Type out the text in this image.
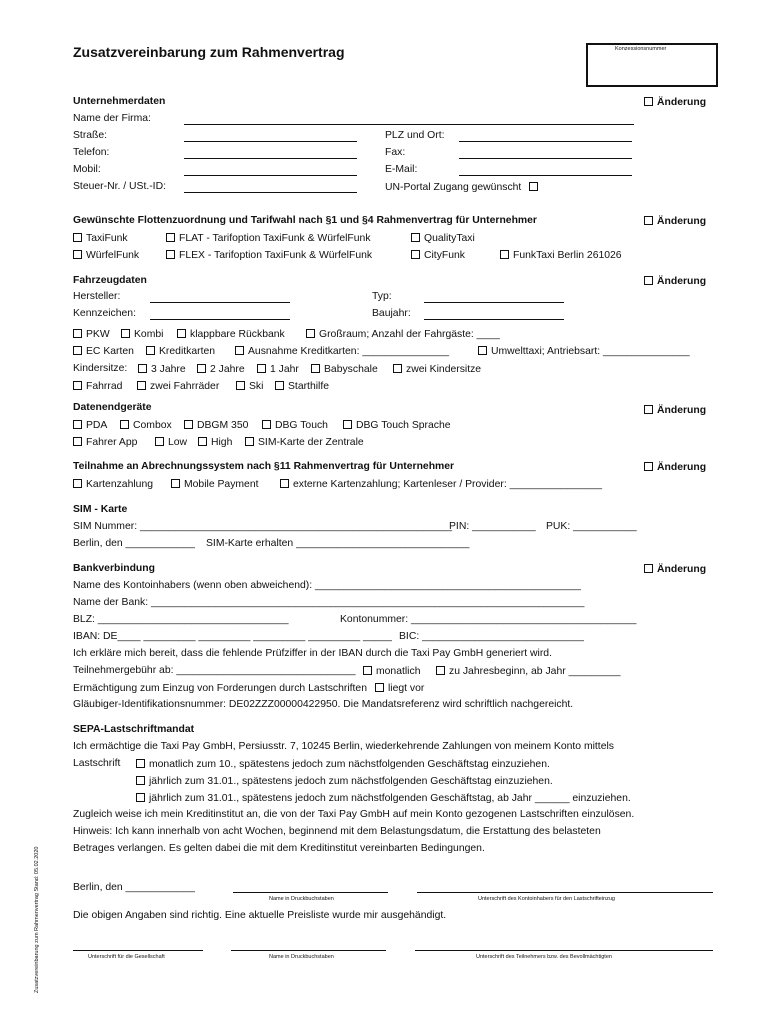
Zusatzvereinbarung zum Rahmenvertrag	Konzessionsnummer
Änderung
Änderung
Änderung
Änderung
Änderung
Änderung
Unternehmerdaten
Name der Firma:
Straße:	PLZ und Ort:
Telefon:	Fax:
Mobil:	E-Mail:
Steuer-Nr. / USt.-ID:	UN-Portal Zugang gewünscht
Gewünschte Flottenzuordnung und Tarifwahl nach §1 und §4 Rahmenvertrag für Unternehmer
TaxiFunk	FLAT - Tarifoption TaxiFunk & WürfelFunk	QualityTaxi
WürfelFunk	FLEX - Tarifoption TaxiFunk & WürfelFunk	CityFunk	FunkTaxi Berlin 261026
Fahrzeugdaten
Hersteller:	Typ:
Kennzeichen:	Baujahr:
PKW	Kombi	klappbare Rückbank	Großraum; Anzahl der Fahrgäste: ____
EC Karten	Kreditkarten	Ausnahme Kreditkarten: _______________	Umwelttaxi; Antriebsart: _______________
Kindersitze:	3 Jahre	2 Jahre	1 Jahr	Babyschale	zwei Kindersitze
Fahrrad	zwei Fahrräder	Ski	Starthilfe
Datenendgeräte
PDA	Combox	DBGM 350	DBG Touch	DBG Touch Sprache
Fahrer App	Low	High	SIM-Karte der Zentrale
Teilnahme an Abrechnungssystem nach §11 Rahmenvertrag für Unternehmer
Kartenzahlung	Mobile Payment	externe Kartenzahlung; Kartenleser / Provider: ________________
SIM - Karte
SIM Nummer: ______________________________________________________
PIN: ___________ PUK: ___________
Berlin, den ____________ SIM-Karte erhalten ______________________________
Bankverbindung
Name des Kontoinhabers (wenn oben abweichend): ______________________________________________
Name der Bank: ___________________________________________________________________________
BLZ: _________________________________	Kontonummer: _______________________________________
IBAN: DE____ _________ _________ _________ _________ _____ BIC: ____________________________
Ich erkläre mich bereit, dass die fehlende Prüfziffer in der IBAN durch die Taxi Pay GmbH generiert wird.
Teilnehmergebühr ab: _______________________________	monatlich	zu Jahresbeginn, ab Jahr _________
Ermächtigung zum Einzug von Forderungen durch Lastschriften liegt vor
Gläubiger-Identifikationsnummer: DE02ZZZ00000422950. Die Mandatsreferenz wird schriftlich nachgereicht.
SEPA-Lastschriftmandat
Ich ermächtige die Taxi Pay GmbH, Persiusstr. 7, 10245 Berlin, wiederkehrende Zahlungen von meinem Konto mittels
Lastschrift	monatlich zum 10., spätestens jedoch zum nächstfolgenden Geschäftstag einzuziehen.
jährlich zum 31.01., spätestens jedoch zum nächstfolgenden Geschäftstag einzuziehen.
jährlich zum 31.01., spätestens jedoch zum nächstfolgenden Geschäftstag, ab Jahr ______ einzuziehen.
Zugleich weise ich mein Kreditinstitut an, die von der Taxi Pay GmbH auf mein Konto gezogenen Lastschriften einzulösen.
Hinweis: Ich kann innerhalb von acht Wochen, beginnend mit dem Belastungsdatum, die Erstattung des belasteten
Betrages verlangen. Es gelten dabei die mit dem Kreditinstitut vereinbarten Bedingungen.
Berlin, den ____________
Name in Druckbuchstaben	Unterschrift des Kontoinhabers für den Lastschrifteinzug
Die obigen Angaben sind richtig. Eine aktuelle Preisliste wurde mir ausgehändigt.
Unterschrift für die Gesellschaft	Name in Druckbuchstaben	Unterschrift des Teilnehmers bzw. des Bevollmächtigten
Zusatzvereinbarung zum Rahmenvertrag Stand: 05.02.2020
